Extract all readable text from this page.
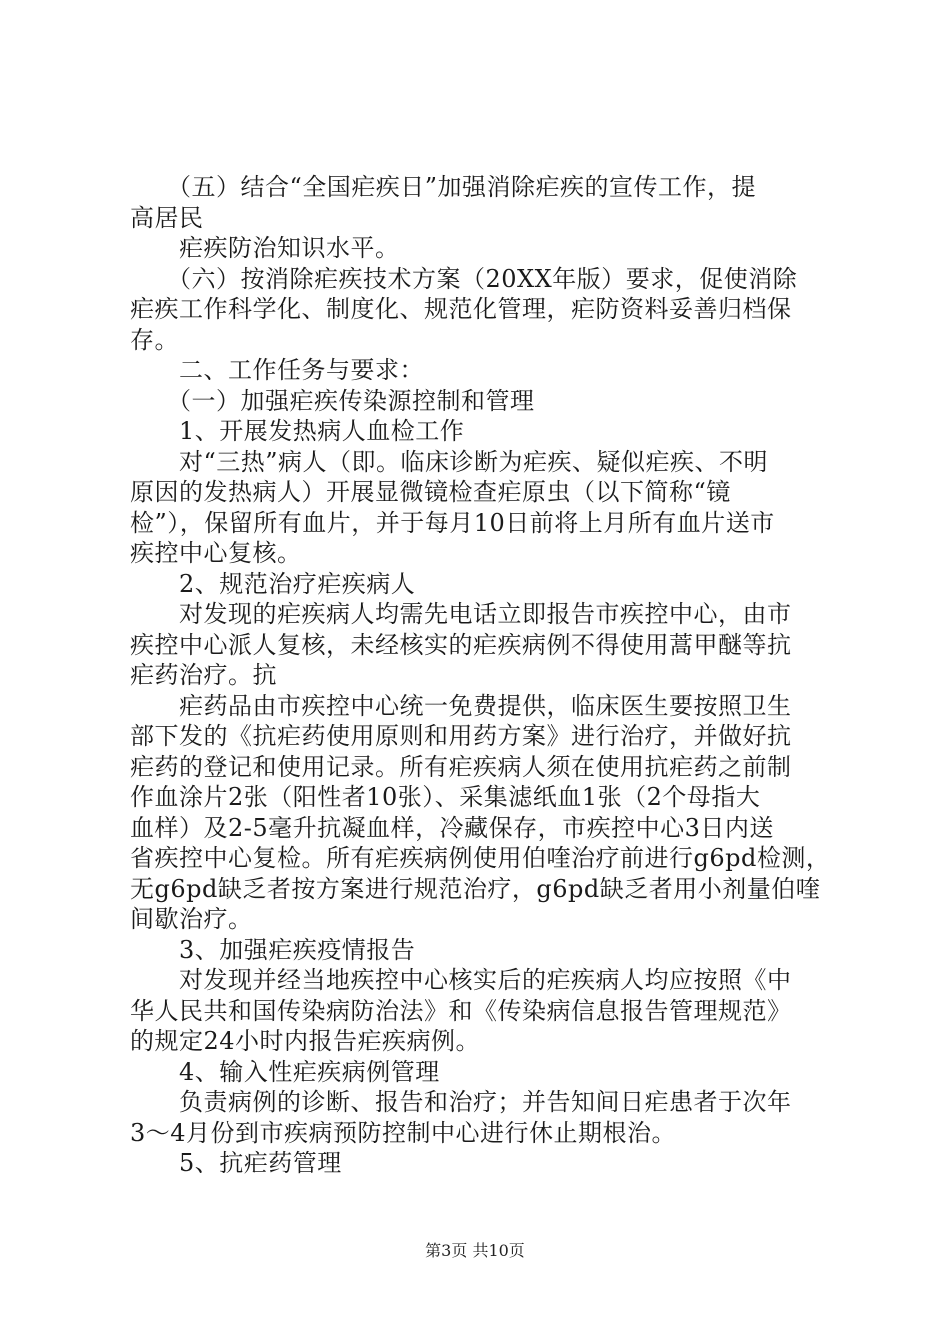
　　（五）结合“全国疟疾日”加强消除疟疾的宣传工作，提
高居民
　　疟疾防治知识水平。
　　（六）按消除疟疾技术方案（20XX年版）要求，促使消除
疟疾工作科学化、制度化、规范化管理，疟防资料妥善归档保
存。
　　二、工作任务与要求：
　　（一）加强疟疾传染源控制和管理
　　1、开展发热病人血检工作
　　对“三热”病人（即。临床诊断为疟疾、疑似疟疾、不明
原因的发热病人）开展显微镜检查疟原虫（以下简称“镜
检”），保留所有血片，并于每月10日前将上月所有血片送市
疾控中心复核。
　　2、规范治疗疟疾病人
　　对发现的疟疾病人均需先电话立即报告市疾控中心，由市
疾控中心派人复核，未经核实的疟疾病例不得使用蒿甲醚等抗
疟药治疗。抗
　　疟药品由市疾控中心统一免费提供，临床医生要按照卫生
部下发的《抗疟药使用原则和用药方案》进行治疗，并做好抗
疟药的登记和使用记录。所有疟疾病人须在使用抗疟药之前制
作血涂片2张（阳性者10张）、采集滤纸血1张（2个母指大
血样）及2-5毫升抗凝血样，冷藏保存，市疾控中心3日内送
省疾控中心复检。所有疟疾病例使用伯喹治疗前进行g6pd检测，
无g6pd缺乏者按方案进行规范治疗，g6pd缺乏者用小剂量伯喹
间歇治疗。
　　3、加强疟疾疫情报告
　　对发现并经当地疾控中心核实后的疟疾病人均应按照《中
华人民共和国传染病防治法》和《传染病信息报告管理规范》
的规定24小时内报告疟疾病例。
　　4、输入性疟疾病例管理
　　负责病例的诊断、报告和治疗；并告知间日疟患者于次年
3～4月份到市疾病预防控制中心进行休止期根治。
　　5、抗疟药管理
第3页 共10页
